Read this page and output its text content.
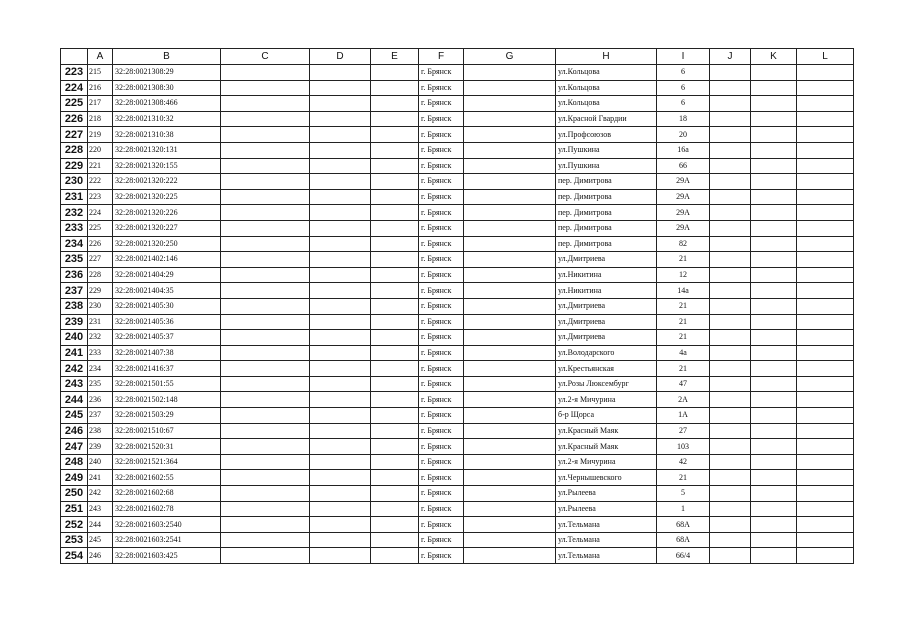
	A	B	C	D	E	F	G	H	I	J	K	L
223	215	32:28:0021308:29				г. Брянск		ул.Кольцова	6			
224	216	32:28:0021308:30				г. Брянск		ул.Кольцова	6			
225	217	32:28:0021308:466				г. Брянск		ул.Кольцова	6			
226	218	32:28:0021310:32				г. Брянск		ул.Красной Гвардии	18			
227	219	32:28:0021310:38				г. Брянск		ул.Профсоюзов	20			
228	220	32:28:0021320:131				г. Брянск		ул.Пушкина	16а			
229	221	32:28:0021320:155				г. Брянск		ул.Пушкина	66			
230	222	32:28:0021320:222				г. Брянск		пер. Димитрова	29А			
231	223	32:28:0021320:225				г. Брянск		пер. Димитрова	29А			
232	224	32:28:0021320:226				г. Брянск		пер. Димитрова	29А			
233	225	32:28:0021320:227				г. Брянск		пер. Димитрова	29А			
234	226	32:28:0021320:250				г. Брянск		пер. Димитрова	82			
235	227	32:28:0021402:146				г. Брянск		ул.Дмитриева	21			
236	228	32:28:0021404:29				г. Брянск		ул.Никитина	12			
237	229	32:28:0021404:35				г. Брянск		ул.Никитина	14а			
238	230	32:28:0021405:30				г. Брянск		ул.Дмитриева	21			
239	231	32:28:0021405:36				г. Брянск		ул.Дмитриева	21			
240	232	32:28:0021405:37				г. Брянск		ул.Дмитриева	21			
241	233	32:28:0021407:38				г. Брянск		ул.Володарского	4а			
242	234	32:28:0021416:37				г. Брянск		ул.Крестьянская	21			
243	235	32:28:0021501:55				г. Брянск		ул.Розы Люксембург	47			
244	236	32:28:0021502:148				г. Брянск		ул.2-я Мичурина	2А			
245	237	32:28:0021503:29				г. Брянск		б-р Щорса	1А			
246	238	32:28:0021510:67				г. Брянск		ул.Красный Маяк	27			
247	239	32:28:0021520:31				г. Брянск		ул.Красный Маяк	103			
248	240	32:28:0021521:364				г. Брянск		ул.2-я Мичурина	42			
249	241	32:28:0021602:55				г. Брянск		ул.Чернышевского	21			
250	242	32:28:0021602:68				г. Брянск		ул.Рылеева	5			
251	243	32:28:0021602:78				г. Брянск		ул.Рылеева	1			
252	244	32:28:0021603:2540				г. Брянск		ул.Тельмана	68А			
253	245	32:28:0021603:2541				г. Брянск		ул.Тельмана	68А			
254	246	32:28:0021603:425				г. Брянск		ул.Тельмана	66/4			
